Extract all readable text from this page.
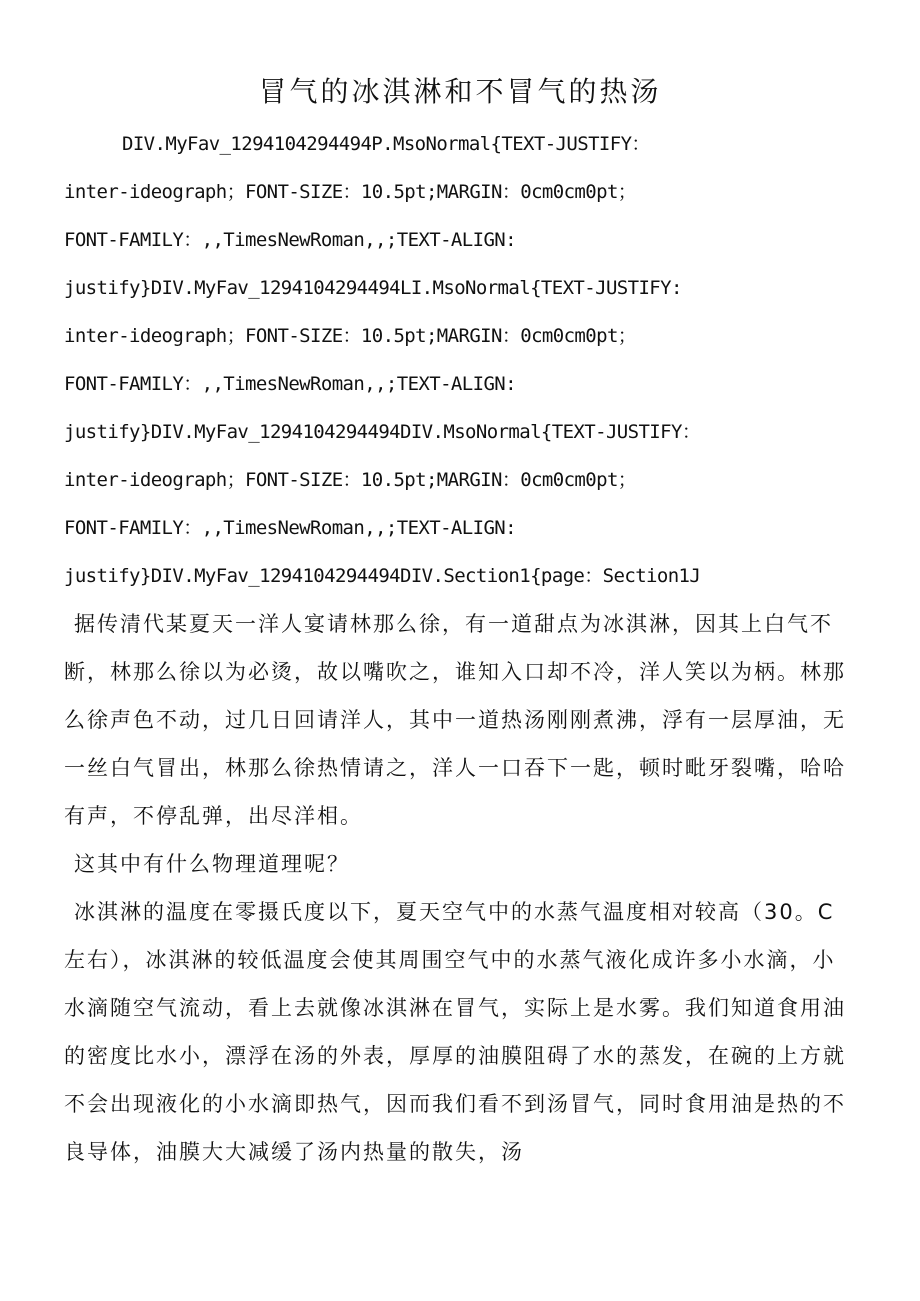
冒气的冰淇淋和不冒气的热汤
DIV.MyFav_1294104294494P.MsoNormal{TEXT-JUSTIFY：
inter-ideograph；FONT-SIZE：10.5pt;MARGIN：0cm0cm0pt；
FONT-FAMILY：,,TimesNewRoman,,;TEXT-ALIGN:
justify}DIV.MyFav_1294104294494LI.MsoNormal{TEXT-JUSTIFY:
inter-ideograph；FONT-SIZE：10.5pt;MARGIN：0cm0cm0pt；
FONT-FAMILY：,,TimesNewRoman,,;TEXT-ALIGN:
justify}DIV.MyFav_1294104294494DIV.MsoNormal{TEXT-JUSTIFY：
inter-ideograph；FONT-SIZE：10.5pt;MARGIN：0cm0cm0pt；
FONT-FAMILY：,,TimesNewRoman,,;TEXT-ALIGN:
justify}DIV.MyFav_1294104294494DIV.Section1{page：Section1J
据传清代某夏天一洋人宴请林那么徐，有一道甜点为冰淇淋，因其上白气不断，林那么徐以为必烫，故以嘴吹之，谁知入口却不冷，洋人笑以为柄。林那么徐声色不动，过几日回请洋人，其中一道热汤刚刚煮沸，浮有一层厚油，无一丝白气冒出，林那么徐热情请之，洋人一口吞下一匙，顿时毗牙裂嘴，哈哈有声，不停乱弹，出尽洋相。
这其中有什么物理道理呢？
冰淇淋的温度在零摄氏度以下，夏天空气中的水蒸气温度相对较高（30。C左右），冰淇淋的较低温度会使其周围空气中的水蒸气液化成许多小水滴，小水滴随空气流动，看上去就像冰淇淋在冒气，实际上是水雾。我们知道食用油的密度比水小，漂浮在汤的外表，厚厚的油膜阻碍了水的蒸发，在碗的上方就不会出现液化的小水滴即热气，因而我们看不到汤冒气，同时食用油是热的不良导体，油膜大大减缓了汤内热量的散失，汤
